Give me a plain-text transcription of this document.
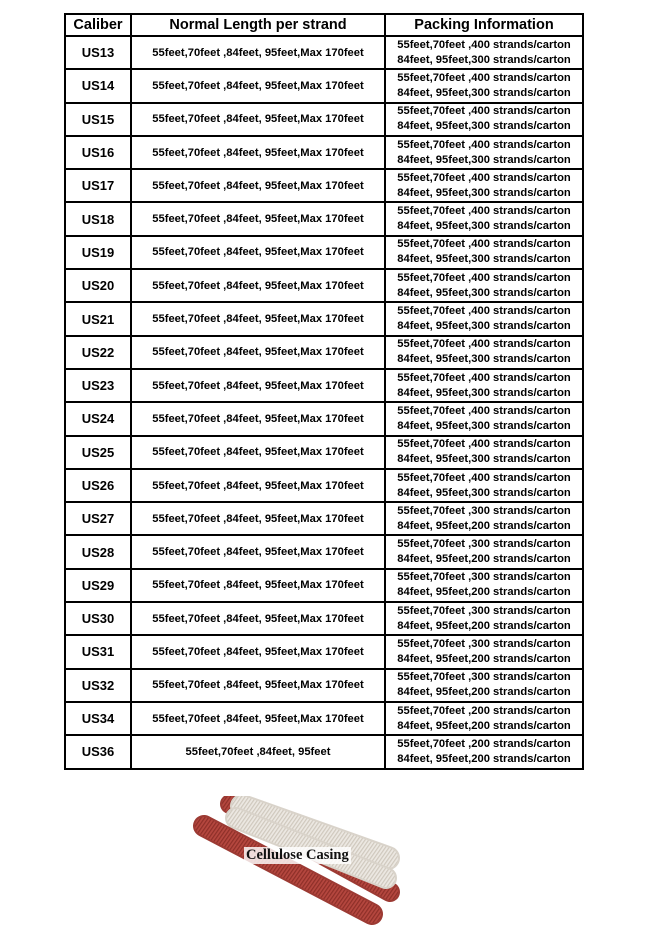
Caliber	Normal Length per strand	Packing Information
US13	55feet,70feet ,84feet, 95feet,Max 170feet	55feet,70feet ,400 strands/carton
84feet, 95feet,300 strands/carton

US14	55feet,70feet ,84feet, 95feet,Max 170feet	55feet,70feet ,400 strands/carton
84feet, 95feet,300 strands/carton

US15	55feet,70feet ,84feet, 95feet,Max 170feet	55feet,70feet ,400 strands/carton
84feet, 95feet,300 strands/carton

US16	55feet,70feet ,84feet, 95feet,Max 170feet	55feet,70feet ,400 strands/carton
84feet, 95feet,300 strands/carton

US17	55feet,70feet ,84feet, 95feet,Max 170feet	55feet,70feet ,400 strands/carton
84feet, 95feet,300 strands/carton

US18	55feet,70feet ,84feet, 95feet,Max 170feet	55feet,70feet ,400 strands/carton
84feet, 95feet,300 strands/carton

US19	55feet,70feet ,84feet, 95feet,Max 170feet	55feet,70feet ,400 strands/carton
84feet, 95feet,300 strands/carton

US20	55feet,70feet ,84feet, 95feet,Max 170feet	55feet,70feet ,400 strands/carton
84feet, 95feet,300 strands/carton

US21	55feet,70feet ,84feet, 95feet,Max 170feet	55feet,70feet ,400 strands/carton
84feet, 95feet,300 strands/carton

US22	55feet,70feet ,84feet, 95feet,Max 170feet	55feet,70feet ,400 strands/carton
84feet, 95feet,300 strands/carton

US23	55feet,70feet ,84feet, 95feet,Max 170feet	55feet,70feet ,400 strands/carton
84feet, 95feet,300 strands/carton

US24	55feet,70feet ,84feet, 95feet,Max 170feet	55feet,70feet ,400 strands/carton
84feet, 95feet,300 strands/carton

US25	55feet,70feet ,84feet, 95feet,Max 170feet	55feet,70feet ,400 strands/carton
84feet, 95feet,300 strands/carton

US26	55feet,70feet ,84feet, 95feet,Max 170feet	55feet,70feet ,400 strands/carton
84feet, 95feet,300 strands/carton

US27	55feet,70feet ,84feet, 95feet,Max 170feet	55feet,70feet ,300 strands/carton
84feet, 95feet,200 strands/carton

US28	55feet,70feet ,84feet, 95feet,Max 170feet	55feet,70feet ,300 strands/carton
84feet, 95feet,200 strands/carton

US29	55feet,70feet ,84feet, 95feet,Max 170feet	55feet,70feet ,300 strands/carton
84feet, 95feet,200 strands/carton

US30	55feet,70feet ,84feet, 95feet,Max 170feet	55feet,70feet ,300 strands/carton
84feet, 95feet,200 strands/carton

US31	55feet,70feet ,84feet, 95feet,Max 170feet	55feet,70feet ,300 strands/carton
84feet, 95feet,200 strands/carton

US32	55feet,70feet ,84feet, 95feet,Max 170feet	55feet,70feet ,300 strands/carton
84feet, 95feet,200 strands/carton

US34	55feet,70feet ,84feet, 95feet,Max 170feet	55feet,70feet ,200 strands/carton
84feet, 95feet,200 strands/carton

US36	55feet,70feet ,84feet, 95feet	55feet,70feet ,200 strands/carton
84feet, 95feet,200 strands/carton
Cellulose Casing
